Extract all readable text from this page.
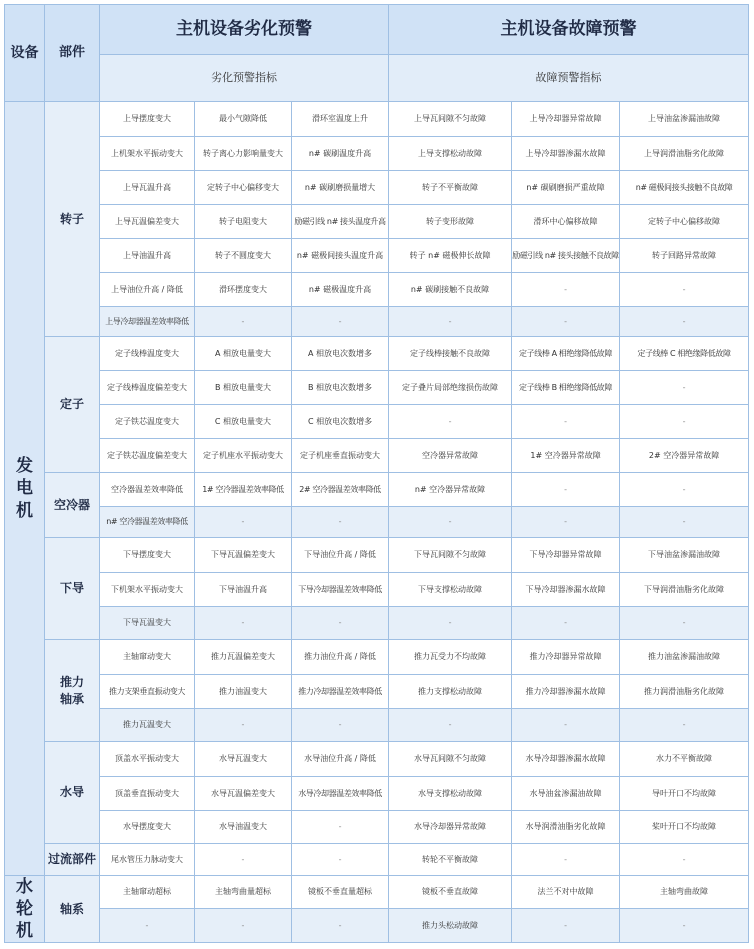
设备	部件	主机设备劣化预警			主机设备故障预警		
		劣化预警指标			故障预警指标		

发
电
机	转子	上导摆度变大	最小气隙降低	滑环室温度上升	上导瓦间隙不匀故障	上导冷却器异常故障	上导油盆渗漏油故障
		上机架水平振动变大	转子离心力影响量变大	n# 碳刷温度升高	上导支撑松动故障	上导冷却器渗漏水故障	上导润滑油脂劣化故障
		上导瓦温升高	定转子中心偏移变大	n# 碳刷磨损量增大	转子不平衡故障	n# 碳刷磨损严重故障	n# 磁极间接头接触不良故障
		上导瓦温偏差变大	转子电阻变大	励磁引线 n# 接头温度升高	转子变形故障	滑环中心偏移故障	定转子中心偏移故障
		上导油温升高	转子不圆度变大	n# 磁极间接头温度升高	转子 n# 磁极伸长故障	励磁引线 n# 接头接触不良故障	转子回路异常故障
		上导油位升高 / 降低	滑环摆度变大	n# 磁极温度升高	n# 碳刷接触不良故障	-	-
		上导冷却器温差效率降低	-	-	-	-	-
	定子	定子线棒温度变大	A 相放电量变大	A 相放电次数增多	定子线棒接触不良故障	定子线棒 A 相绝缘降低故障	定子线棒 C 相绝缘降低故障
		定子线棒温度偏差变大	B 相放电量变大	B 相放电次数增多	定子叠片局部绝缘损伤故障	定子线棒 B 相绝缘降低故障	-
		定子铁芯温度变大	C 相放电量变大	C 相放电次数增多	-	-	-
		定子铁芯温度偏差变大	定子机座水平振动变大	定子机座垂直振动变大	空冷器异常故障	1# 空冷器异常故障	2# 空冷器异常故障
	空冷器	空冷器温差效率降低	1# 空冷器温差效率降低	2# 空冷器温差效率降低	n# 空冷器异常故障	-	-
		n# 空冷器温差效率降低	-	-	-	-	-
	下导	下导摆度变大	下导瓦温偏差变大	下导油位升高 / 降低	下导瓦间隙不匀故障	下导冷却器异常故障	下导油盆渗漏油故障
		下机架水平振动变大	下导油温升高	下导冷却器温差效率降低	下导支撑松动故障	下导冷却器渗漏水故障	下导润滑油脂劣化故障
		下导瓦温变大	-	-	-	-	-
	推力轴承	主轴窜动变大	推力瓦温偏差变大	推力油位升高 / 降低	推力瓦受力不均故障	推力冷却器异常故障	推力油盆渗漏油故障
		推力支架垂直振动变大	推力油温变大	推力冷却器温差效率降低	推力支撑松动故障	推力冷却器渗漏水故障	推力润滑油脂劣化故障
		推力瓦温变大	-	-	-	-	-
	水导	顶盖水平振动变大	水导瓦温变大	水导油位升高 / 降低	水导瓦间隙不匀故障	水导冷却器渗漏水故障	水力不平衡故障
		顶盖垂直振动变大	水导瓦温偏差变大	水导冷却器温差效率降低	水导支撑松动故障	水导油盆渗漏油故障	导叶开口不均故障
		水导摆度变大	水导油温变大	-	水导冷却器异常故障	水导润滑油脂劣化故障	桨叶开口不均故障
	过流部件	尾水管压力脉动变大	-	-	转轮不平衡故障	-	-

水
轮
机	轴系	主轴窜动超标	主轴弯曲量超标	镜板不垂直量超标	镜板不垂直故障	法兰不对中故障	主轴弯曲故障
		-	-	-	推力头松动故障	-	-
